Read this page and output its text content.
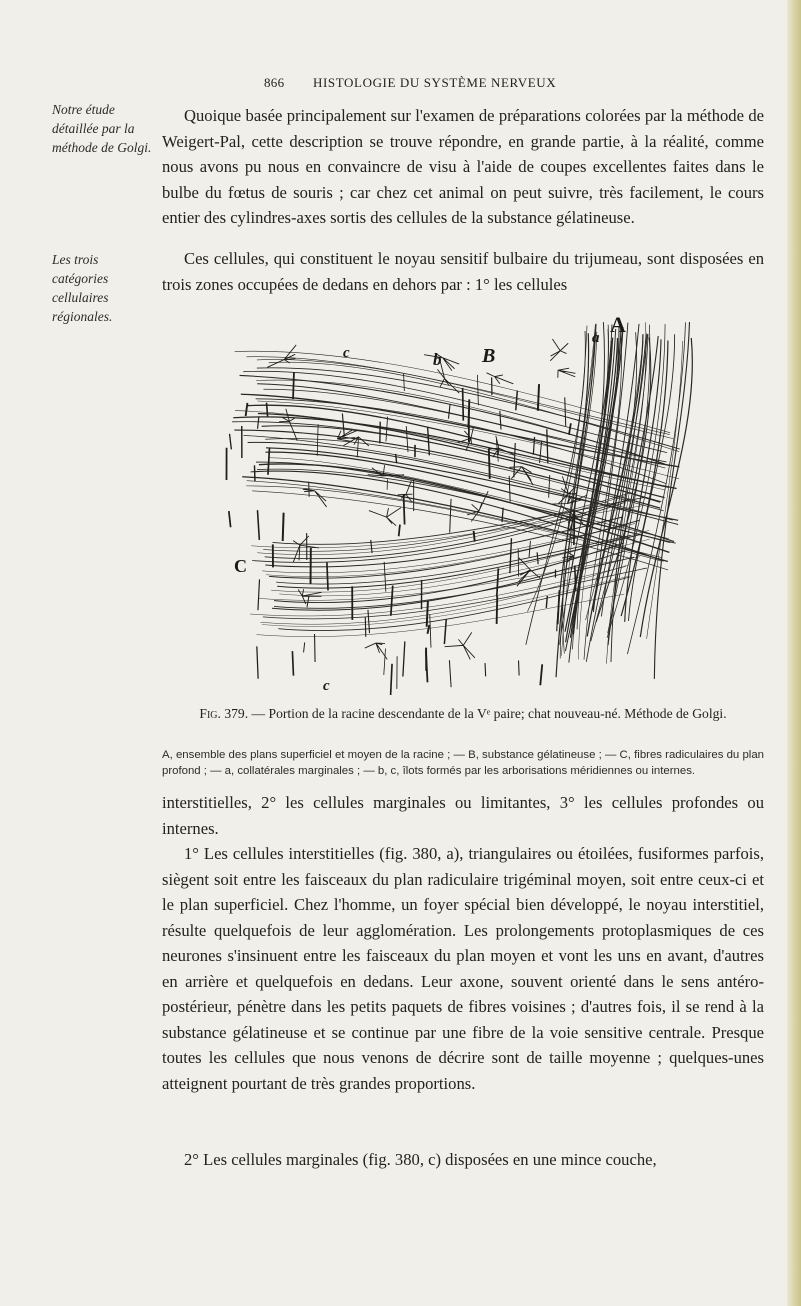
866 HISTOLOGIE DU SYSTÈME NERVEUX
Notre étude détaillée par la méthode de Golgi.
Les trois catégories cellulaires régionales.

Quoique basée principalement sur l'examen de préparations colorées par la méthode de Weigert-Pal, cette description se trouve répondre, en grande partie, à la réalité, comme nous avons pu nous en convaincre de visu à l'aide de coupes excellentes faites dans le bulbe du fœtus de souris ; car chez cet animal on peut suivre, très facilement, le cours entier des cylindres-axes sortis des cellules de la substance gélatineuse.

Ces cellules, qui constituent le noyau sensitif bulbaire du trijumeau, sont disposées en trois zones occupées de dedans en dehors par : 1° les cellules

A
a
B
b
c
C
c
Fig. 379. — Portion de la racine descendante de la Vᵉ paire; chat nouveau-né. Méthode de Golgi.
A, ensemble des plans superficiel et moyen de la racine ; — B, substance gélatineuse ; — C, fibres radiculaires du plan profond ; — a, collatérales marginales ; — b, c, îlots formés par les arborisations méridiennes ou internes.

interstitielles, 2° les cellules marginales ou limitantes, 3° les cellules profondes ou internes.

1° Les cellules interstitielles (fig. 380, a), triangulaires ou étoilées, fusiformes parfois, siègent soit entre les faisceaux du plan radiculaire trigéminal moyen, soit entre ceux-ci et le plan superficiel. Chez l'homme, un foyer spécial bien développé, le noyau interstitiel, résulte quelquefois de leur agglomération. Les prolongements protoplasmiques de ces neurones s'insinuent entre les faisceaux du plan moyen et vont les uns en avant, d'autres en arrière et quelquefois en dedans. Leur axone, souvent orienté dans le sens antéro-postérieur, pénètre dans les petits paquets de fibres voisines ; d'autres fois, il se rend à la substance gélatineuse et se continue par une fibre de la voie sensitive centrale. Presque toutes les cellules que nous venons de décrire sont de taille moyenne ; quelques-unes atteignent pourtant de très grandes proportions.

2° Les cellules marginales (fig. 380, c) disposées en une mince couche,
